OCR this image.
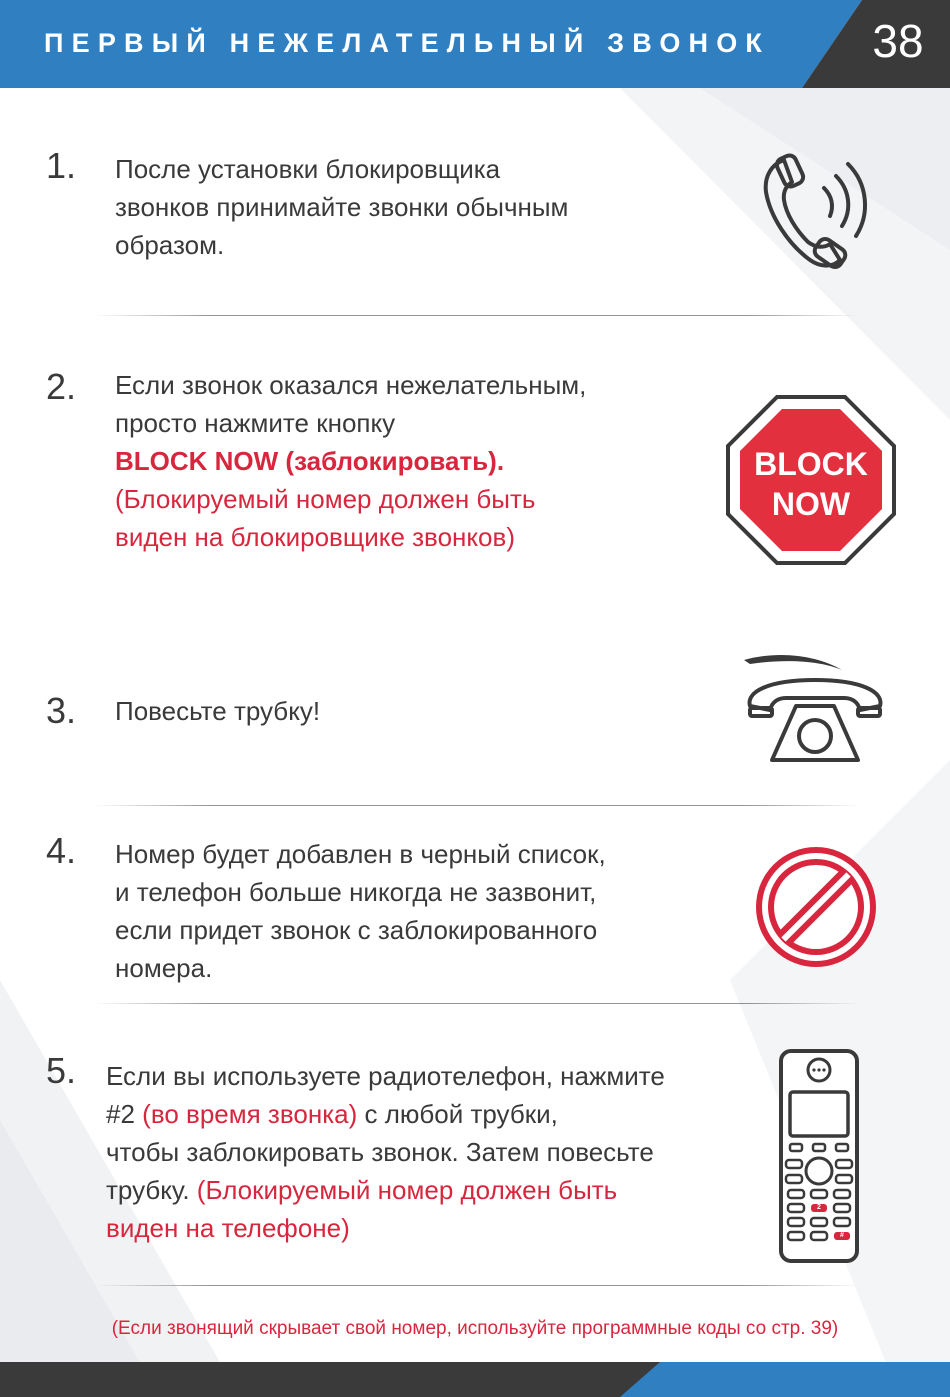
ПЕРВЫЙ НЕЖЕЛАТЕЛЬНЫЙ ЗВОНОК	38
1. После установки блокировщика
звонков принимайте звонки обычным
образом.
2. Если звонок оказался нежелательным,
просто нажмите кнопку
BLOCK NOW (заблокировать).
(Блокируемый номер должен быть
виден на блокировщике звонков)
BLOCK
NOW
3. Повесьте трубку!
4. Номер будет добавлен в черный список,
и телефон больше никогда не зазвонит,
если придет звонок с заблокированного
номера.
5. Если вы используете радиотелефон, нажмите
#2 (во время звонка) с любой трубки,
чтобы заблокировать звонок. Затем повесьте
трубку. (Блокируемый номер должен быть
виден на телефоне)
2
#
(Если звонящий скрывает свой номер, используйте программные коды со стр. 39)
